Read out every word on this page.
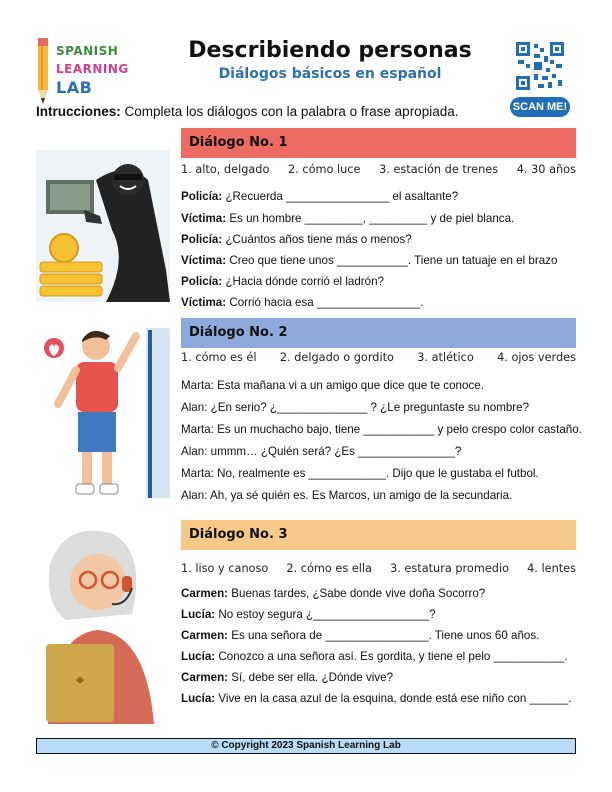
SPANISH
LEARNING
LAB
Describiendo personas
Diálogos básicos en español
SCAN ME!
Intrucciones: Completa los diálogos con la palabra o frase apropiada.
Diálogo No. 1
1. alto, delgado 2. cómo luce 3. estación de trenes 4. 30 años
Policía: ¿Recuerda ________________ el asaltante?
Víctima: Es un hombre _________, _________ y de piel blanca.
Policía: ¿Cuántos años tiene más o menos?
Víctima: Creo que tiene unos ___________. Tiene un tatuaje en el brazo
Policía: ¿Hacia dónde corrió el ladrón?
Víctima: Corrió hacia esa ________________.
Diálogo No. 2
1. cómo es él 2. delgado o gordito 3. atlético 4. ojos verdes
Marta: Esta mañana vi a un amigo que dice que te conoce.
Alan: ¿En serio? ¿______________ ? ¿Le preguntaste su nombre?
Marta: Es un muchacho bajo, tiene ___________ y pelo crespo color castaño.
Alan: ummm… ¿Quién será? ¿Es _______________?
Marta: No, realmente es ____________. Dijo que le gustaba el futbol.
Alan: Ah, ya sé quién es. Es Marcos, un amigo de la secundaria.
Diálogo No. 3
1. liso y canoso 2. cómo es ella 3. estatura promedio 4. lentes
Carmen: Buenas tardes, ¿Sabe donde vive doña Socorro?
Lucía: No estoy segura ¿__________________?
Carmen: Es una señora de ________________. Tiene unos 60 años.
Lucía: Conozco a una señora así. Es gordita, y tiene el pelo ___________.
Carmen: Sí, debe ser ella. ¿Dónde vive?
Lucía: Vive en la casa azul de la esquina, donde está ese niño con ______.
© Copyright 2023 Spanish Learning Lab
